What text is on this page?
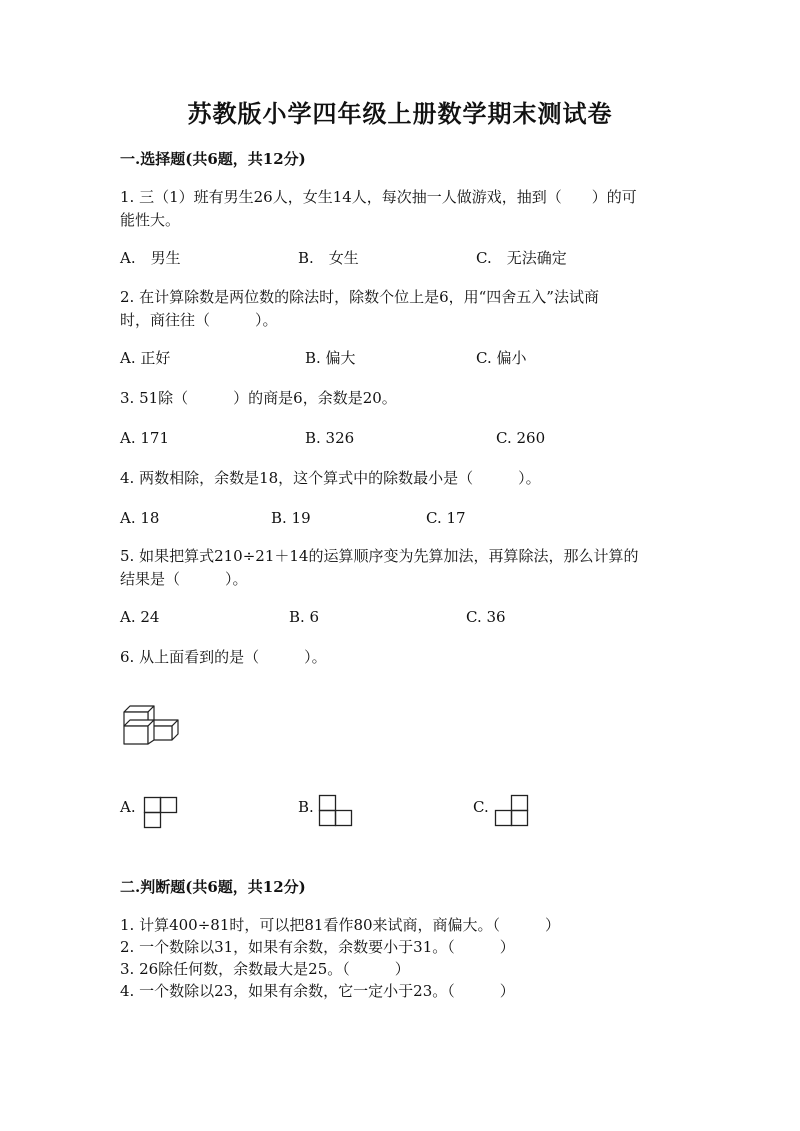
苏教版小学四年级上册数学期末测试卷
一.选择题(共6题，共12分)
1. 三（1）班有男生26人，女生14人，每次抽一人做游戏，抽到（　　）的可
能性大。
A.　男生	B.　女生	C.　无法确定
2. 在计算除数是两位数的除法时，除数个位上是6，用“四舍五入”法试商
时，商往往（　　　）。
A. 正好	B. 偏大	C. 偏小
3. 51除（　　　）的商是6，余数是20。
A. 171	B. 326	C. 260
4. 两数相除，余数是18，这个算式中的除数最小是（　　　）。
A. 18	B. 19	C. 17
5. 如果把算式210÷21＋14的运算顺序变为先算加法，再算除法，那么计算的
结果是（　　　）。
A. 24	B. 6	C. 36
6. 从上面看到的是（　　　）。
A.	B.	C.
二.判断题(共6题，共12分)
1. 计算400÷81时，可以把81看作80来试商，商偏大。（　　　）
2. 一个数除以31，如果有余数，余数要小于31。（　　　）
3. 26除任何数，余数最大是25。（　　　）
4. 一个数除以23，如果有余数，它一定小于23。（　　　）
